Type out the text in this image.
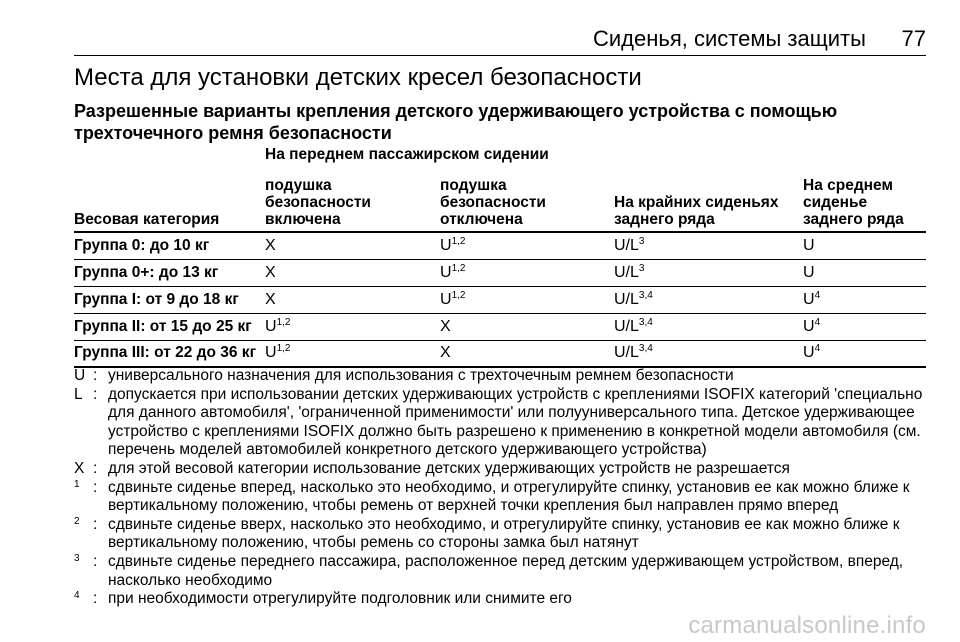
Сиденья, системы защиты 77
Места для установки детских кресел безопасности

Разрешенные варианты крепления детского удерживающего устройства с помощью трехточечного ремня безопасности

	На переднем пассажирском сидении			
Весовая категория	подушка безопасности включена	подушка безопасности отключена	На крайних сиденьях заднего ряда	На среднем сиденье заднего ряда
Группа 0: до 10 кг	X	U$^{1,2}$	$U/L^3$	U
Группа 0+: до 13 кг	X	U$^{1,2}$	$U/L^3$	U
Группа I: от 9 до 18 кг	X	U$^{1,2}$	$U/L^{3,4}$	$U^4$
Группа II: от 15 до 25 кг	U$^{1,2}$	X	$U/L^{3,4}$	$U^4$
Группа III: от 22 до 36 кг	U$^{1,2}$	X	$U/L^{3,4}$	$U^4$
U : универсального назначения для использования с трехточечным ремнем безопасности
L : допускается при использовании детских удерживающих устройств с креплениями ISOFIX категорий 'специально для данного автомобиля', 'ограниченной применимости' или полууниверсального типа. Детское удерживающее устройство с креплениями ISOFIX должно быть разрешено к применению в конкретной модели автомобиля (см. перечень моделей автомобилей конкретного детского удерживающего устройства)
X : для этой весовой категории использование детских удерживающих устройств не разрешается
1 : сдвиньте сиденье вперед, насколько это необходимо, и отрегулируйте спинку, установив ее как можно ближе к вертикальному положению, чтобы ремень от верхней точки крепления был направлен прямо вперед
2 : сдвиньте сиденье вверх, насколько это необходимо, и отрегулируйте спинку, установив ее как можно ближе к вертикальному положению, чтобы ремень со стороны замка был натянут
3 : сдвиньте сиденье переднего пассажира, расположенное перед детским удерживающем устройством, вперед, насколько необходимо
4 : при необходимости отрегулируйте подголовник или снимите его
carmanualsonline.info
